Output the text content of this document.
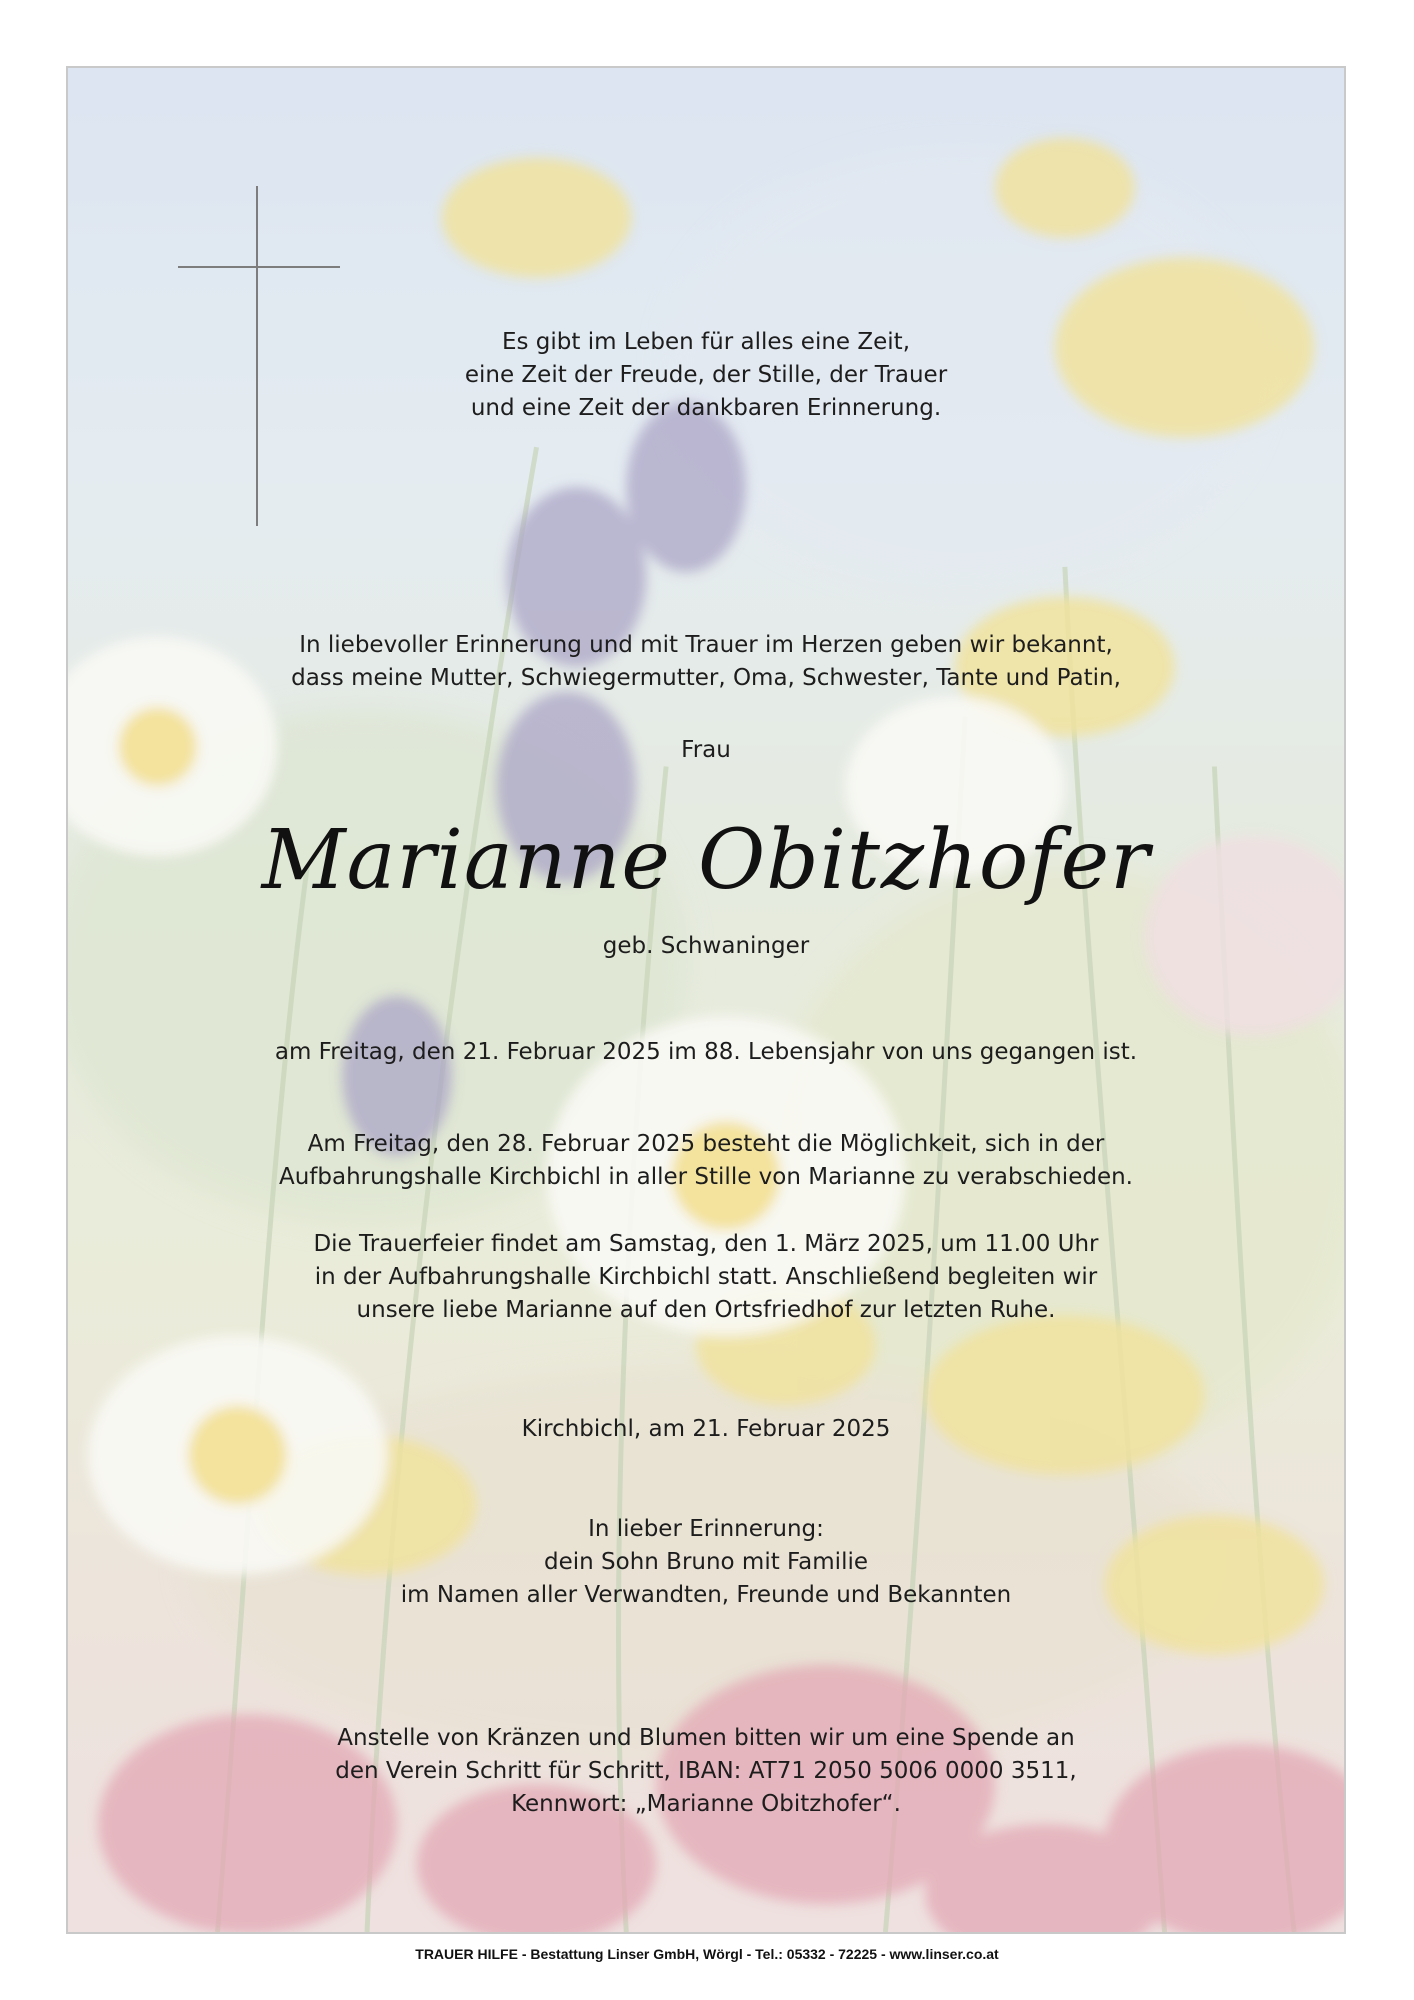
Es gibt im Leben für alles eine Zeit,
eine Zeit der Freude, der Stille, der Trauer
und eine Zeit der dankbaren Erinnerung.
In liebevoller Erinnerung und mit Trauer im Herzen geben wir bekannt,
dass meine Mutter, Schwiegermutter, Oma, Schwester, Tante und Patin,
Frau
Marianne Obitzhofer
geb. Schwaninger
am Freitag, den 21. Februar 2025 im 88. Lebensjahr von uns gegangen ist.
Am Freitag, den 28. Februar 2025 besteht die Möglichkeit, sich in der
Aufbahrungshalle Kirchbichl in aller Stille von Marianne zu verabschieden.
Die Trauerfeier findet am Samstag, den 1. März 2025, um 11.00 Uhr
in der Aufbahrungshalle Kirchbichl statt. Anschließend begleiten wir
unsere liebe Marianne auf den Ortsfriedhof zur letzten Ruhe.
Kirchbichl, am 21. Februar 2025
In lieber Erinnerung:
dein Sohn Bruno mit Familie
im Namen aller Verwandten, Freunde und Bekannten
Anstelle von Kränzen und Blumen bitten wir um eine Spende an
den Verein Schritt für Schritt, IBAN: AT71 2050 5006 0000 3511,
Kennwort: „Marianne Obitzhofer“.
TRAUER HILFE - Bestattung Linser GmbH, Wörgl - Tel.: 05332 - 72225 - www.linser.co.at
